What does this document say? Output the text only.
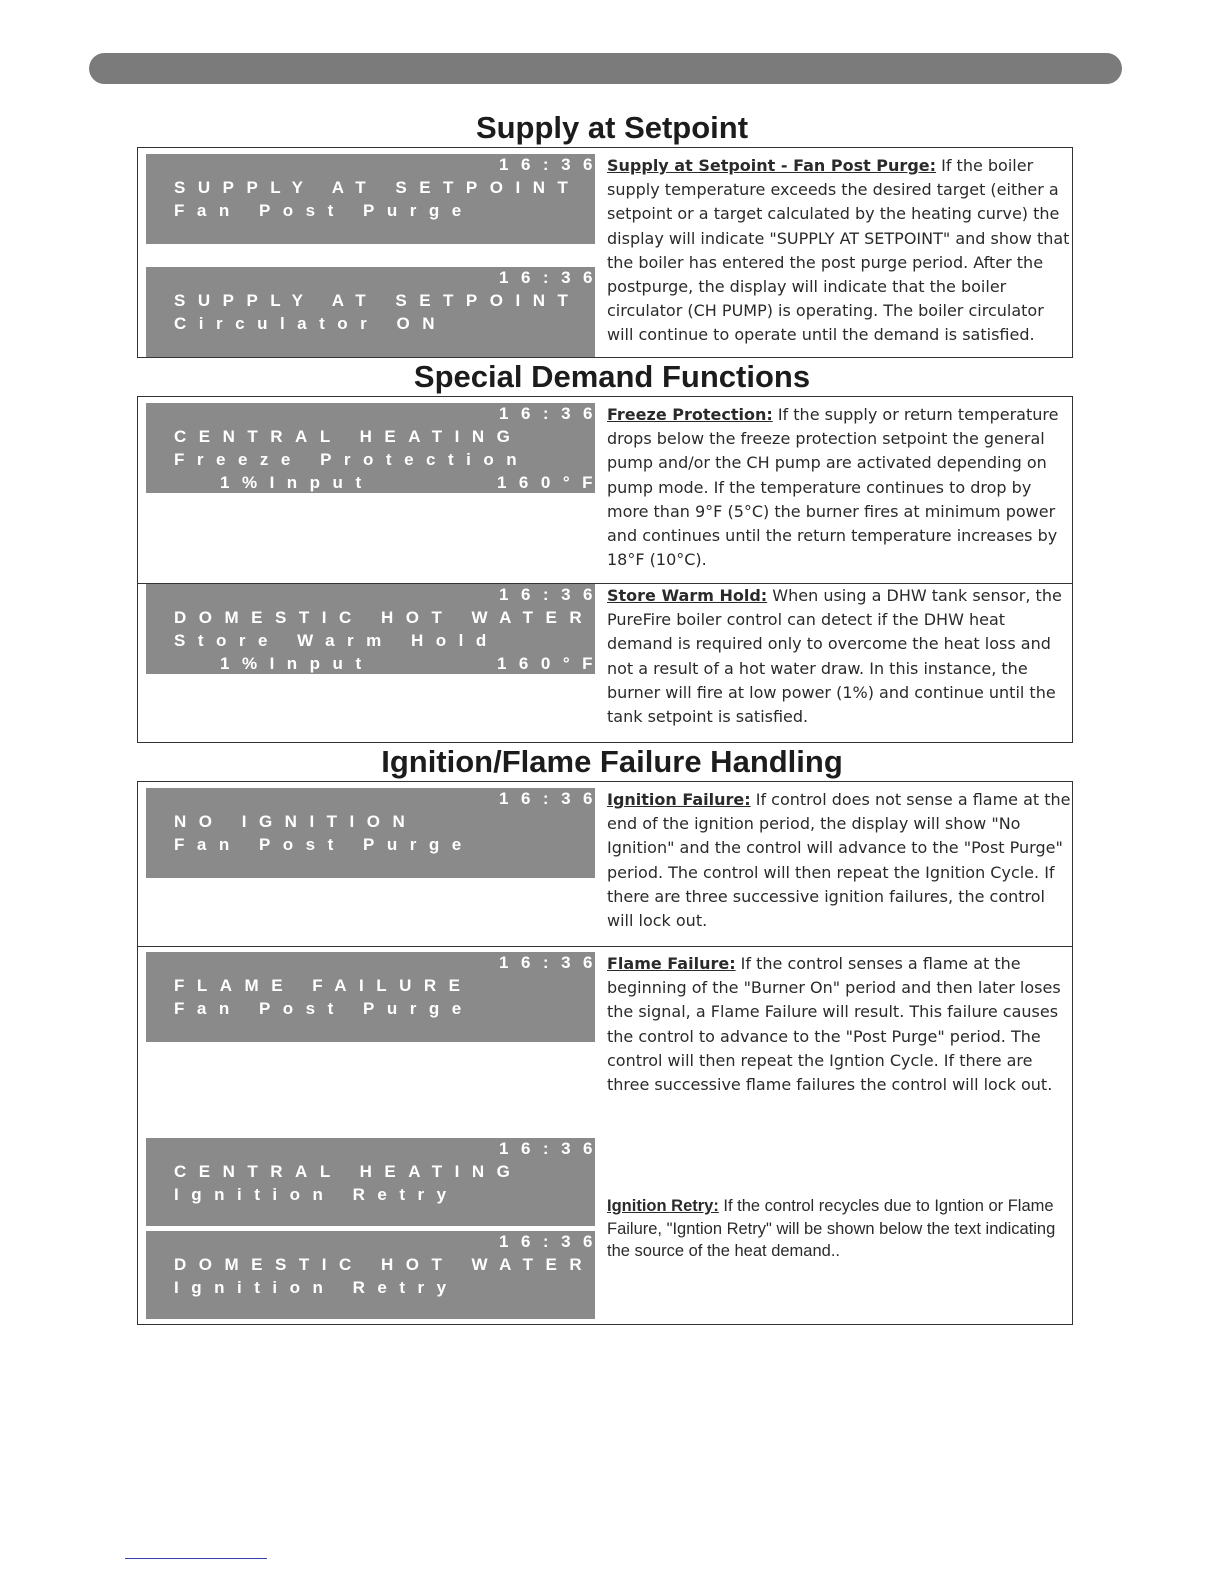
Supply at Setpoint
16:36
SUPPLY AT SETPOINT
Fan Post Purge
16:36
SUPPLY AT SETPOINT
Circulator ON
Supply at Setpoint - Fan Post Purge: If the boiler supply temperature exceeds the desired target (either a setpoint or a target calculated by the heating curve) the display will indicate "SUPPLY AT SETPOINT" and show that the boiler has entered the post purge period. After the postpurge, the display will indicate that the boiler circulator (CH PUMP) is operating. The boiler circulator will continue to operate until the demand is satisfied.
Special Demand Functions
16:36
CENTRAL HEATING
Freeze Protection
1%Input	160°F
Freeze Protection: If the supply or return temperature drops below the freeze protection setpoint the general pump and/or the CH pump are activated depending on pump mode. If the temperature continues to drop by more than 9°F (5°C) the burner fires at minimum power and continues until the return temperature increases by 18°F (10°C).
16:36
DOMESTIC HOT WATER
Store Warm Hold
1%Input	160°F
Store Warm Hold: When using a DHW tank sensor, the PureFire boiler control can detect if the DHW heat demand is required only to overcome the heat loss and not a result of a hot water draw. In this instance, the burner will fire at low power (1%) and continue until the tank setpoint is satisfied.
Ignition/Flame Failure Handling
16:36
NO IGNITION
Fan Post Purge
Ignition Failure: If control does not sense a flame at the end of the ignition period, the display will show "No Ignition" and the control will advance to the "Post Purge" period. The control will then repeat the Ignition Cycle. If there are three successive ignition failures, the control will lock out.
16:36
FLAME FAILURE
Fan Post Purge
Flame Failure: If the control senses a flame at the beginning of the "Burner On" period and then later loses the signal, a Flame Failure will result. This failure causes the control to advance to the "Post Purge" period. The control will then repeat the Igntion Cycle. If there are three successive flame failures the control will lock out.
16:36
CENTRAL HEATING
Ignition Retry
16:36
DOMESTIC HOT WATER
Ignition Retry
Ignition Retry: If the control recycles due to Igntion or Flame Failure, "Igntion Retry" will be shown below the text indicating the source of the heat demand..
